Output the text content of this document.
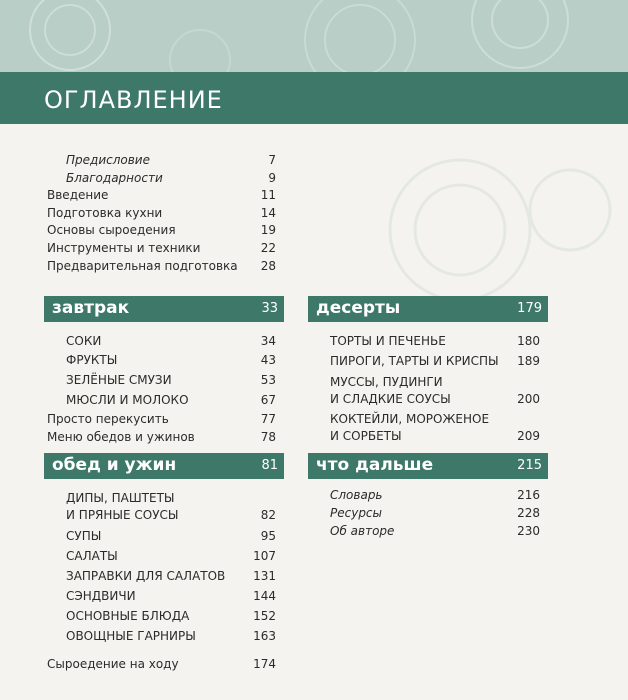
ОГЛАВЛЕНИЕ
Предисловие	7
Благодарности	9
Введение	11
Подготовка кухни	14
Основы сыроедения	19
Инструменты и техники	22
Предварительная подготовка 28
завтрак	33
СОКИ	34
ФРУКТЫ	43
ЗЕЛЁНЫЕ СМУЗИ	53
МЮСЛИ И МОЛОКО	67
Просто перекусить	77
Меню обедов и ужинов	78
обед и ужин	81
ДИПЫ, ПАШТЕТЫ
И ПРЯНЫЕ СОУСЫ	82
СУПЫ	95
САЛАТЫ	107
ЗАПРАВКИ ДЛЯ САЛАТОВ 131
СЭНДВИЧИ	144
ОСНОВНЫЕ БЛЮДА	152
ОВОЩНЫЕ ГАРНИРЫ	163
Сыроедение на ходу	174
десерты	179
ТОРТЫ И ПЕЧЕНЬЕ	180
ПИРОГИ, ТАРТЫ И КРИСПЫ 189
МУССЫ, ПУДИНГИ
И СЛАДКИЕ СОУСЫ	200
КОКТЕЙЛИ, МОРОЖЕНОЕ
И СОРБЕТЫ	209
что дальше	215
Словарь	216
Ресурсы	228
Об авторе	230
